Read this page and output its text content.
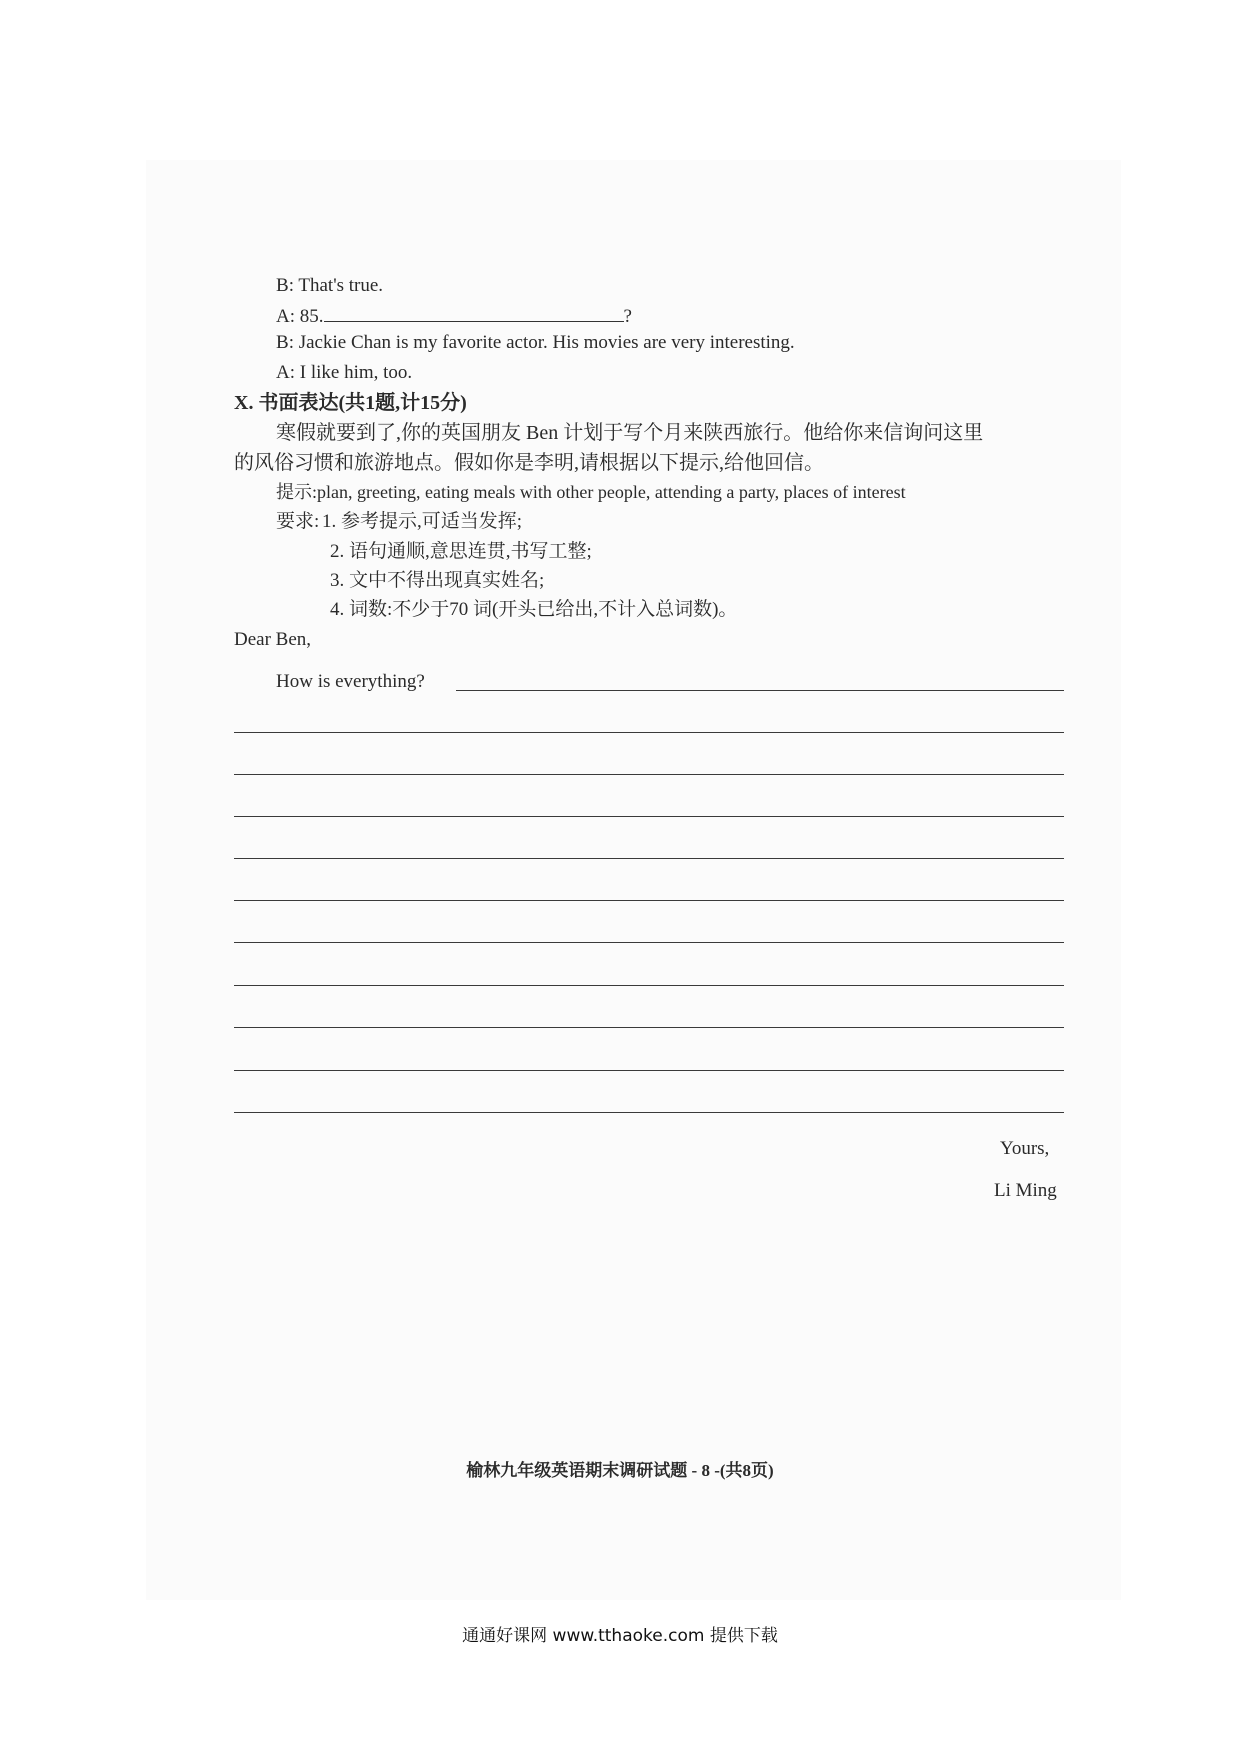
B: That's true.
A: 85.	?
B: Jackie Chan is my favorite actor. His movies are very interesting.
A: I like him, too.
X. 书面表达(共1题,计15分)
寒假就要到了,你的英国朋友 Ben 计划于写个月来陕西旅行。他给你来信询问这里
的风俗习惯和旅游地点。假如你是李明,请根据以下提示,给他回信。
提示:plan, greeting, eating meals with other people, attending a party, places of interest
要求: 1. 参考提示,可适当发挥;
2. 语句通顺,意思连贯,书写工整;
3. 文中不得出现真实姓名;
4. 词数:不少于70 词(开头已给出,不计入总词数)。
Dear Ben,
How is everything?
Yours,
Li Ming
榆林九年级英语期末调研试题 - 8 -(共8页)
通通好课网 www.tthaoke.com 提供下载
